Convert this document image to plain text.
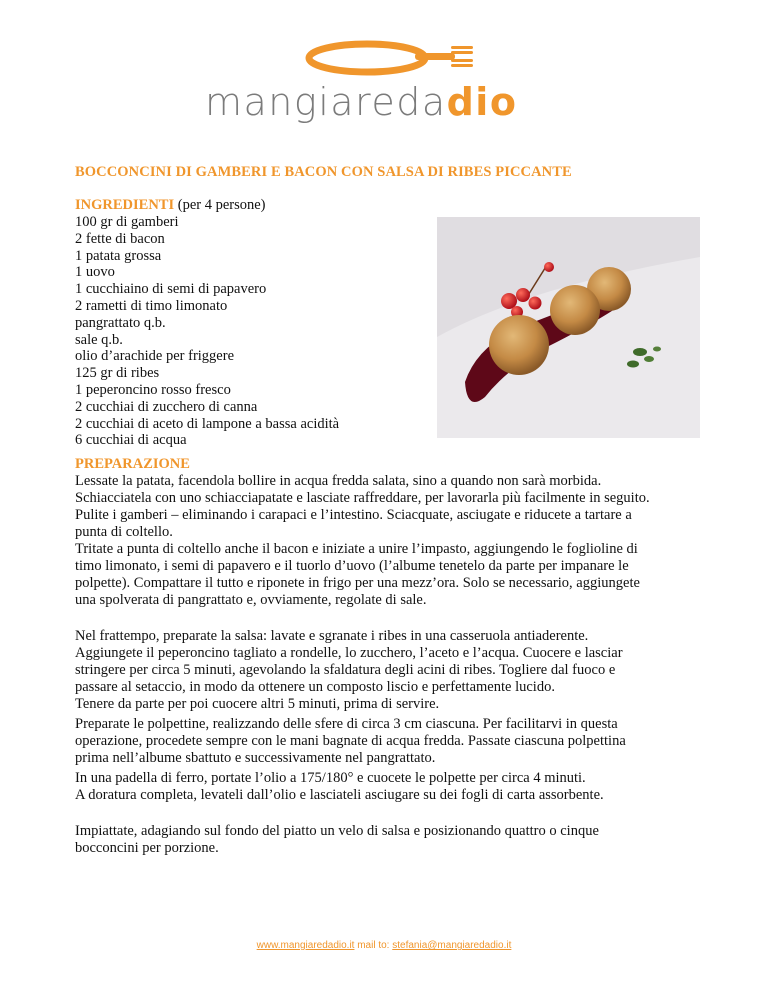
mangiaredadio
BOCCONCINI DI GAMBERI E BACON CON SALSA DI RIBES PICCANTE
INGREDIENTI (per 4 persone)
100 gr di gamberi
2 fette di bacon
1 patata grossa
1 uovo
1 cucchiaino di semi di papavero
2 rametti di timo limonato
pangrattato q.b.
sale q.b.
olio d’arachide per friggere
125 gr di ribes
1 peperoncino rosso fresco
2 cucchiai di zucchero di canna
2 cucchiai di aceto di lampone a bassa acidità
6 cucchiai di acqua
PREPARAZIONE

Lessate la patata, facendola bollire in acqua fredda salata, sino a quando non sarà morbida.

Schiacciatela con uno schiacciapatate e lasciate raffreddare, per lavorarla più facilmente in seguito.

Pulite i gamberi – eliminando i carapaci e l’intestino. Sciacquate, asciugate e riducete a tartare a

punta di coltello.

Tritate a punta di coltello anche il bacon e iniziate a unire l’impasto, aggiungendo le foglioline di

timo limonato, i semi di papavero e il tuorlo d’uovo (l’albume tenetelo da parte per impanare le

polpette). Compattare il tutto e riponete in frigo per una mezz’ora. Solo se necessario, aggiungete

una spolverata di pangrattato e, ovviamente, regolate di sale.

Nel frattempo, preparate la salsa: lavate e sgranate i ribes in una casseruola antiaderente.

Aggiungete il peperoncino tagliato a rondelle, lo zucchero, l’aceto e l’acqua. Cuocere e lasciar

stringere per circa 5 minuti, agevolando la sfaldatura degli acini di ribes. Togliere dal fuoco e

passare al setaccio, in modo da ottenere un composto liscio e perfettamente lucido.

Tenere da parte per poi cuocere altri 5 minuti, prima di servire.

Preparate le polpettine, realizzando delle sfere di circa 3 cm ciascuna. Per facilitarvi in questa

operazione, procedete sempre con le mani bagnate di acqua fredda. Passate ciascuna polpettina

prima nell’albume sbattuto e successivamente nel pangrattato.

In una padella di ferro, portate l’olio a 175/180° e cuocete le polpette per circa 4 minuti.

A doratura completa, levateli dall’olio e lasciateli asciugare su dei fogli di carta assorbente.

Impiattate, adagiando sul fondo del piatto un velo di salsa e posizionando quattro o cinque

bocconcini per porzione.

www.mangiaredadio.it mail to: stefania@mangiaredadio.it
